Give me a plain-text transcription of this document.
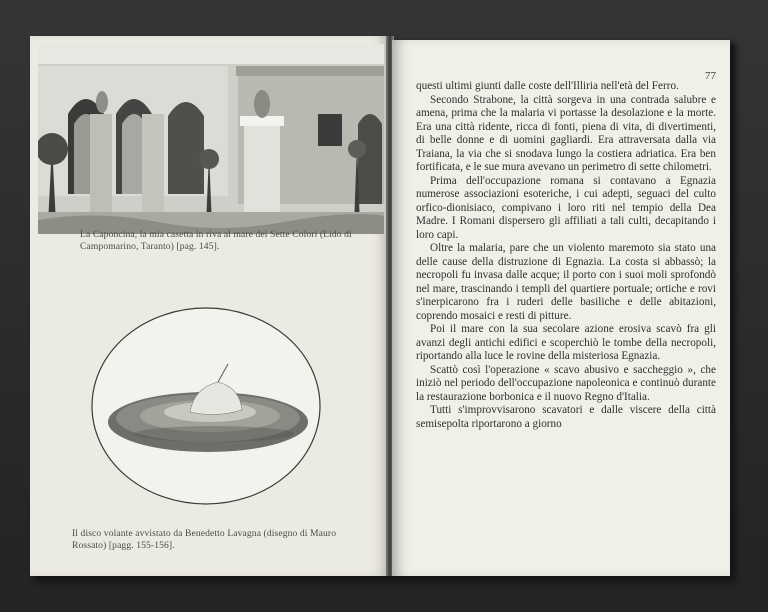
La Caponcina, la mia casetta in riva al mare dei Sette Colori (Lido di Campomarino, Taranto) [pag. 145].
Il disco volante avvistato da Benedetto Lavagna (disegno di Mauro Rossato) [pagg. 155-156].
77

questi ultimi giunti dalle coste dell'Illiria nell'età del Ferro.

Secondo Strabone, la città sorgeva in una contrada salubre e amena, prima che la malaria vi portasse la desolazione e la morte. Era una città ridente, ricca di fonti, piena di vita, di divertimenti, di belle donne e di uomini gagliardi. Era attraversata dalla via Traiana, la via che si snodava lungo la costiera adriatica. Era ben fortificata, e le sue mura avevano un perimetro di sette chilometri.

Prima dell'occupazione romana si contavano a Egnazia numerose associazioni esoteriche, i cui adepti, seguaci del culto orfico-dionisiaco, compivano i loro riti nel tempio della Dea Madre. I Romani dispersero gli affiliati a tali culti, decapitando i loro capi.

Oltre la malaria, pare che un violento maremoto sia stato una delle cause della distruzione di Egnazia. La costa si abbassò; la necropoli fu invasa dalle acque; il porto con i suoi moli sprofondò nel mare, trascinando i templi del quartiere portuale; ortiche e rovi s'inerpicarono fra i ruderi delle basiliche e delle abitazioni, coprendo mosaici e resti di pitture.

Poi il mare con la sua secolare azione erosiva scavò fra gli avanzi degli antichi edifici e scoperchiò le tombe della necropoli, riportando alla luce le rovine della misteriosa Egnazia.

Scattò così l'operazione « scavo abusivo e saccheggio », che iniziò nel periodo dell'occupazione napoleonica e continuò durante la restaurazione borbonica e il nuovo Regno d'Italia.

Tutti s'improvvisarono scavatori e dalle viscere della città semisepolta riportarono a giorno
